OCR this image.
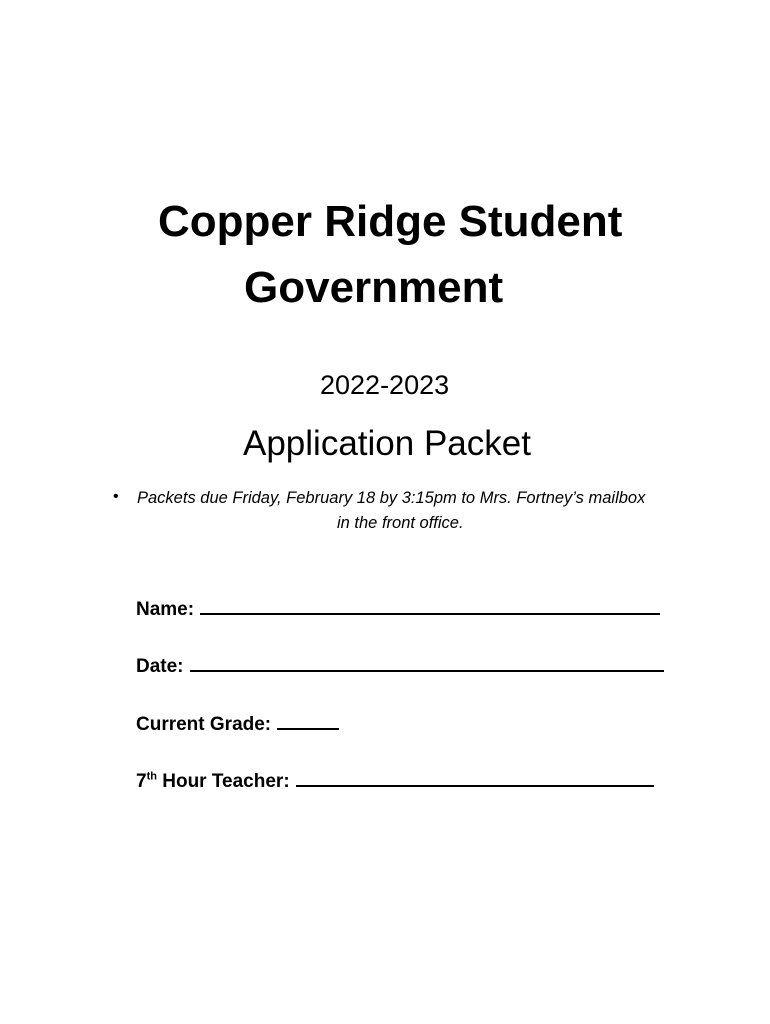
Copper Ridge Student
Government
2022-2023
Application Packet
• Packets due Friday, February 18 by 3:15pm to Mrs. Fortney’s mailbox
in the front office.
Name:
Date:
Current Grade:
7th Hour Teacher:
